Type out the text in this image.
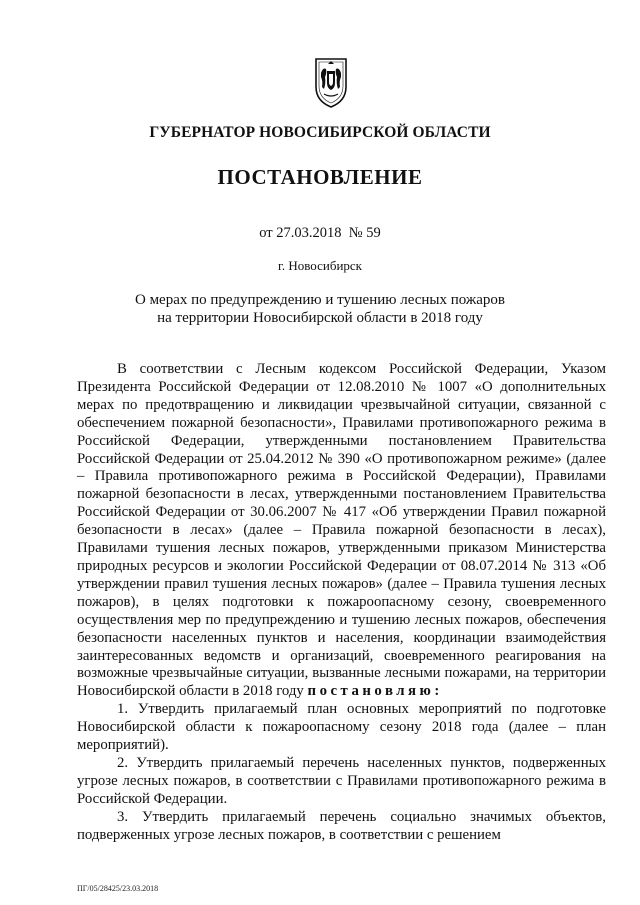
ГУБЕРНАТОР НОВОСИБИРСКОЙ ОБЛАСТИ
ПОСТАНОВЛЕНИЕ
от 27.03.2018 № 59
г. Новосибирск
О мерах по предупреждению и тушению лесных пожаров
на территории Новосибирской области в 2018 году

В соответствии с Лесным кодексом Российской Федерации, Указом Президента Российской Федерации от 12.08.2010 № 1007 «О дополнительных мерах по предотвращению и ликвидации чрезвычайной ситуации, связанной с обеспечением пожарной безопасности», Правилами противопожарного режима в Российской Федерации, утвержденными постановлением Правительства Российской Федерации от 25.04.2012 № 390 «О противопожарном режиме» (далее – Правила противопожарного режима в Российской Федерации), Правилами пожарной безопасности в лесах, утвержденными постановлением Правительства Российской Федерации от 30.06.2007 № 417 «Об утверждении Правил пожарной безопасности в лесах» (далее – Правила пожарной безопасности в лесах), Правилами тушения лесных пожаров, утвержденными приказом Министерства природных ресурсов и экологии Российской Федерации от 08.07.2014 № 313 «Об утверждении правил тушения лесных пожаров» (далее – Правила тушения лесных пожаров), в целях подготовки к пожароопасному сезону, своевременного осуществления мер по предупреждению и тушению лесных пожаров, обеспечения безопасности населенных пунктов и населения, координации взаимодействия заинтересованных ведомств и организаций, своевременного реагирования на возможные чрезвычайные ситуации, вызванные лесными пожарами, на территории Новосибирской области в 2018 году постановляю:

1. Утвердить прилагаемый план основных мероприятий по подготовке Новосибирской области к пожароопасному сезону 2018 года (далее – план мероприятий).

2. Утвердить прилагаемый перечень населенных пунктов, подверженных угрозе лесных пожаров, в соответствии с Правилами противопожарного режима в Российской Федерации.

3. Утвердить прилагаемый перечень социально значимых объектов, подверженных угрозе лесных пожаров, в соответствии с решением

ПГ/05/28425/23.03.2018
